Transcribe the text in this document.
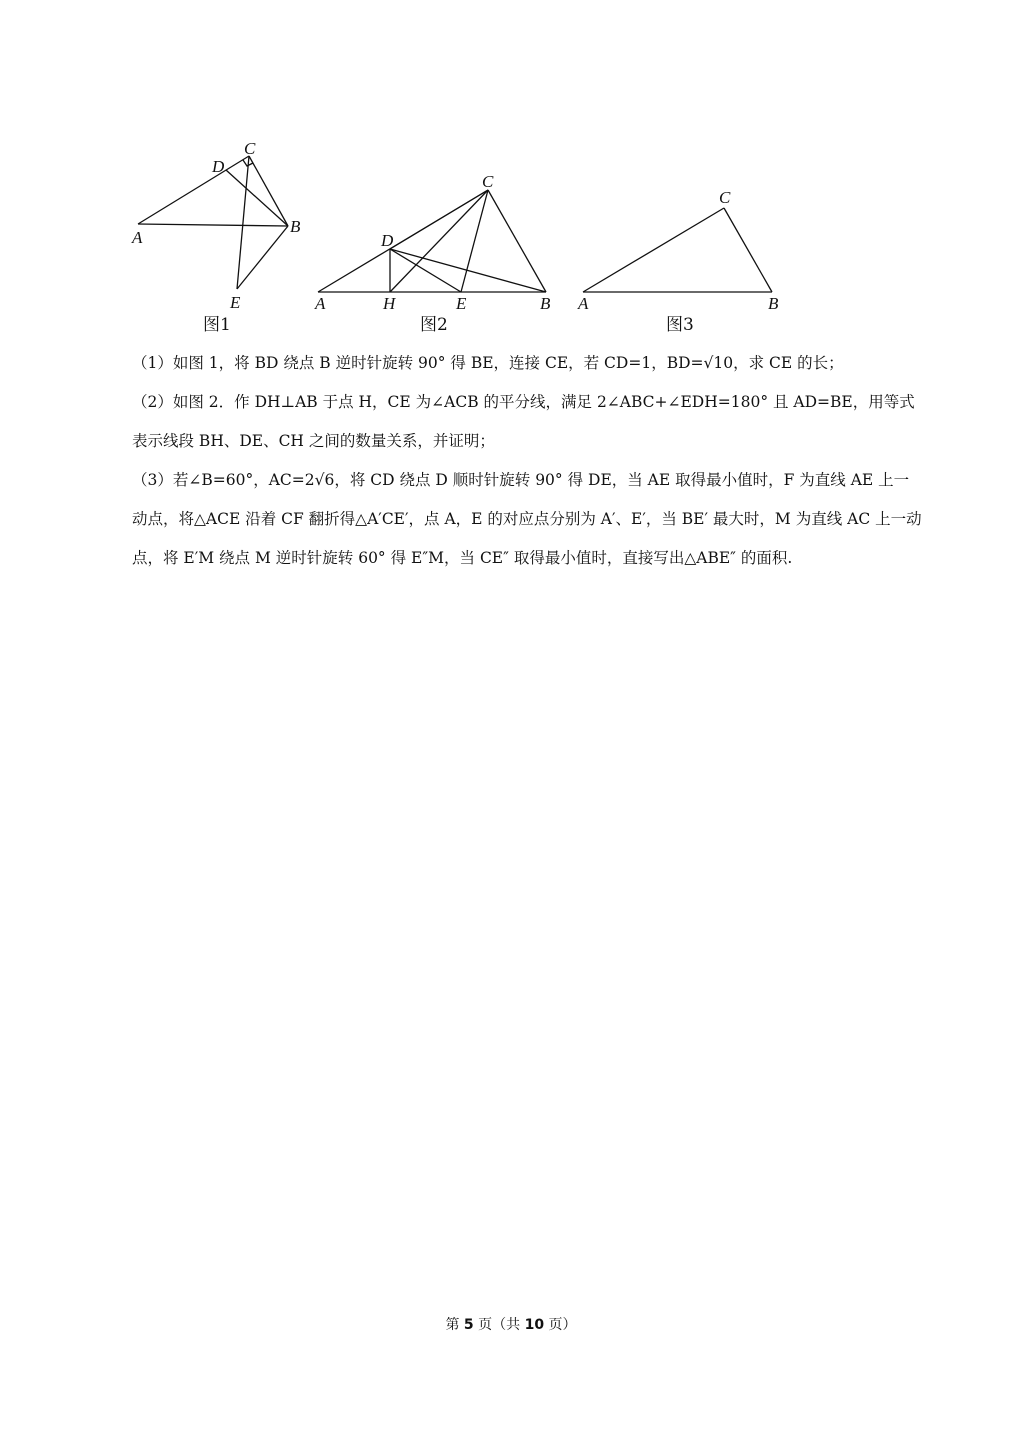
A
B
C
D
E
图1
A	B
C
D
E
H
图2
A	B
C
图3

（1）如图 1，将 BD 绕点 B 逆时针旋转 90° 得 BE，连接 CE，若 CD=1，BD=√10，求 CE 的长；

（2）如图 2．作 DH⊥AB 于点 H，CE 为∠ACB 的平分线，满足 2∠ABC+∠EDH=180° 且 AD=BE，用等式表示线段 BH、DE、CH 之间的数量关系，并证明；

（3）若∠B=60°，AC=2√6，将 CD 绕点 D 顺时针旋转 90° 得 DE，当 AE 取得最小值时，F 为直线 AE 上一动点，将△ACE 沿着 CF 翻折得△A′CE′，点 A，E 的对应点分别为 A′、E′，当 BE′ 最大时，M 为直线 AC 上一动点，将 E′M 绕点 M 逆时针旋转 60° 得 E″M，当 CE″ 取得最小值时，直接写出△ABE″ 的面积.

第 5 页（共 10 页）
